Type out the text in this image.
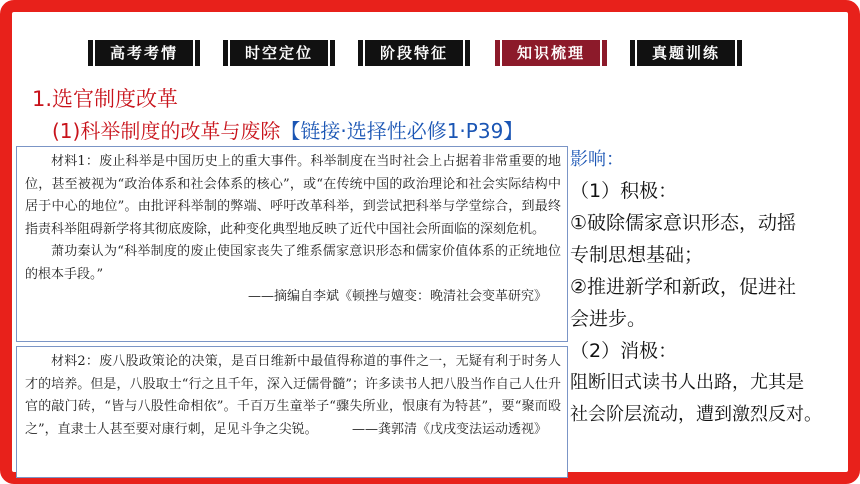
高考考情	时空定位	阶段特征	知识梳理	真题训练
1.选官制度改革
(1)科举制度的改革与废除【链接·选择性必修1·P39】
材料1：废止科举是中国历史上的重大事件。科举制度在当时社会上占据着非常重要的地位，甚至被视为“政治体系和社会体系的核心”，或“在传统中国的政治理论和社会实际结构中居于中心的地位”。由批评科举制的弊端、呼吁改革科举，到尝试把科举与学堂综合，到最终指责科举阻碍新学将其彻底废除，此种变化典型地反映了近代中国社会所面临的深刻危机。
萧功秦认为“科举制度的废止使国家丧失了维系儒家意识形态和儒家价值体系的正统地位的根本手段。”
——摘编自李斌《顿挫与嬗变：晚清社会变革研究》
材料2：废八股政策论的决策，是百日维新中最值得称道的事件之一，无疑有利于时务人才的培养。但是，八股取士“行之且千年，深入迂儒骨髓”；许多读书人把八股当作自己人仕升官的敲门砖，“皆与八股性命相依”。千百万生童举子“骤失所业，恨康有为特甚”，要“聚而殴之”，直隶士人甚至要对康行刺，足见斗争之尖锐。	——龚郭清《戊戌变法运动透视》
影响：
（1）积极：
①破除儒家意识形态，动摇
专制思想基础；
②推进新学和新政，促进社
会进步。
（2）消极：
阻断旧式读书人出路，尤其是
社会阶层流动，遭到激烈反对。
